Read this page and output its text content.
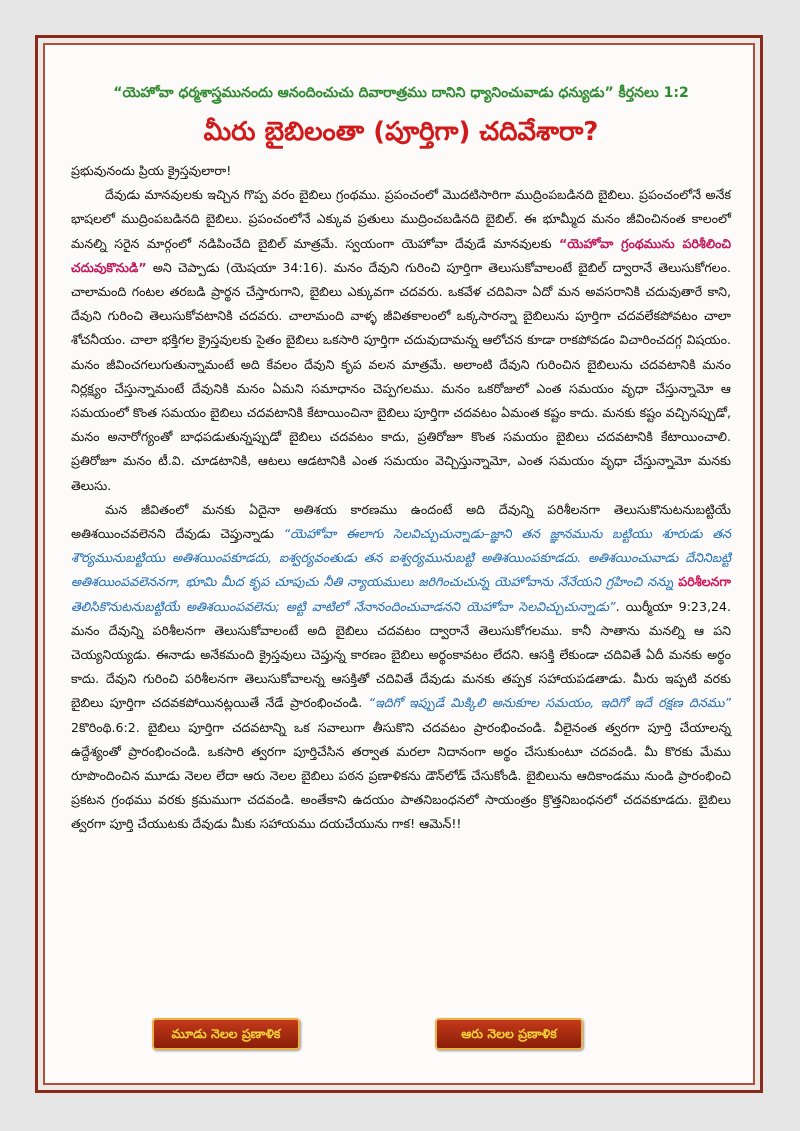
“యెహోవా ధర్మశాస్త్రమునందు ఆనందించుచు దివారాత్రము దానిని ధ్యానించువాడు ధన్యుడు” కీర్తనలు 1:2
మీరు బైబిలంతా (పూర్తిగా) చదివేశారా?

ప్రభువునందు ప్రియ క్రైస్తవులారా!

దేవుడు మానవులకు ఇచ్చిన గొప్ప వరం బైబిలు గ్రంథము. ప్రపంచంలో మొదటిసారిగా ముద్రింపబడినది బైబిలు. ప్రపంచంలోనే అనేక భాషలలో ముద్రింపబడినది బైబిలు. ప్రపంచంలోనే ఎక్కువ ప్రతులు ముద్రించబడినది బైబిల్. ఈ భూమ్మీద మనం జీవించినంత కాలంలో మనల్ని సరైన మార్గంలో నడిపించేది బైబిల్ మాత్రమే. స్వయంగా యెహోవా దేవుడే మానవులకు “యెహోవా గ్రంథమును పరిశీలించి చదువుకొనుడి” అని చెప్పాడు (యెషయా 34:16). మనం దేవుని గురించి పూర్తిగా తెలుసుకోవాలంటే బైబిల్ ద్వారానే తెలుసుకోగలం. చాలామంది గంటల తరబడి ప్రార్థన చేస్తారుగాని, బైబిలు ఎక్కువగా చదవరు. ఒకవేళ చదివినా ఏదో మన అవసరానికి చదువుతారే కాని, దేవుని గురించి తెలుసుకోవటానికి చదవరు. చాలామంది వాళ్ళ జీవితకాలంలో ఒక్కసారన్నా బైబిలును పూర్తిగా చదవలేకపోవటం చాలా శోచనీయం. చాలా భక్తిగల క్రైస్తవులకు సైతం బైబిలు ఒకసారి పూర్తిగా చదువుదామన్న ఆలోచన కూడా రాకపోవడం విచారించదగ్గ విషయం. మనం జీవించగలుగుతున్నామంటే అది కేవలం దేవుని కృప వలన మాత్రమే. అలాంటి దేవుని గురించిన బైబిలును చదవటానికి మనం నిర్లక్ష్యం చేస్తున్నామంటే దేవునికి మనం ఏమని సమాధానం చెప్పగలము. మనం ఒకరోజులో ఎంత సమయం వృధా చేస్తున్నామో ఆ సమయంలో కొంత సమయం బైబిలు చదవటానికి కేటాయించినా బైబిలు పూర్తిగా చదవటం ఏమంత కష్టం కాదు. మనకు కష్టం వచ్చినప్పుడో, మనం అనారోగ్యంతో బాధపడుతున్నప్పుడో బైబిలు చదవటం కాదు, ప్రతిరోజూ కొంత సమయం బైబిలు చదవటానికి కేటాయించాలి. ప్రతిరోజూ మనం టీ.వి. చూడటానికి, ఆటలు ఆడటానికి ఎంత సమయం వెచ్చిస్తున్నామో, ఎంత సమయం వృధా చేస్తున్నామో మనకు తెలుసు.

మన జీవితంలో మనకు ఏదైనా అతిశయ కారణము ఉందంటే అది దేవున్ని పరిశీలనగా తెలుసుకొనుటనుబట్టియే అతిశయించవలెనని దేవుడు చెప్తున్నాడు “యెహోవా ఈలాగు సెలవిచ్చుచున్నాడు–జ్ఞాని తన జ్ఞానమును బట్టియు శూరుడు తన శౌర్యమునుబట్టియు అతిశయింపకూడదు, ఐశ్వర్యవంతుడు తన ఐశ్వర్యమునుబట్టి అతిశయింపకూడదు. అతిశయించువాడు దేనినిబట్టి అతిశయింపవలెననగా, భూమి మీద కృప చూపుచు నీతి న్యాయములు జరిగించుచున్న యెహోవాను నేనేయని గ్రహించి నన్ను పరిశీలనగా తెలిసికొనుటనుబట్టియే అతిశయింపవలెను; అట్టి వాటిలో నేనానందించువాడనని యెహోవా సెలవిచ్చుచున్నాడు”. యిర్మీయా 9:23,24. మనం దేవున్ని పరిశీలనగా తెలుసుకోవాలంటే అది బైబిలు చదవటం ద్వారానే తెలుసుకోగలము. కానీ సాతాను మనల్ని ఆ పని చెయ్యనియ్యడు. ఈనాడు అనేకమంది క్రైస్తవులు చెప్తున్న కారణం బైబిలు అర్థంకావటం లేదని. ఆసక్తి లేకుండా చదివితే ఏదీ మనకు అర్థం కాదు. దేవుని గురించి పరిశీలనగా తెలుసుకోవాలన్న ఆసక్తితో చదివితే దేవుడు మనకు తప్పక సహాయపడతాడు. మీరు ఇప్పటి వరకు బైబిలు పూర్తిగా చదవకపోయినట్లయితే నేడే ప్రారంభించండి. “ఇదిగో ఇప్పుడే మిక్కిలి అనుకూల సమయం, ఇదిగో ఇదే రక్షణ దినము” 2కొరింథి.6:2. బైబిలు పూర్తిగా చదవటాన్ని ఒక సవాలుగా తీసుకొని చదవటం ప్రారంభించండి. వీలైనంత త్వరగా పూర్తి చేయాలన్న ఉద్దేశ్యంతో ప్రారంభించండి. ఒకసారి త్వరగా పూర్తిచేసిన తర్వాత మరలా నిదానంగా అర్థం చేసుకుంటూ చదవండి. మీ కొరకు మేము రూపొందించిన మూడు నెలల లేదా ఆరు నెలల బైబిలు పఠన ప్రణాళికను డౌన్‌లోడ్ చేసుకోండి. బైబిలును ఆదికాండము నుండి ప్రారంభించి ప్రకటన గ్రంథము వరకు క్రమముగా చదవండి. అంతేకాని ఉదయం పాతనిబంధనలో సాయంత్రం క్రొత్తనిబంధనలో చదవకూడదు. బైబిలు త్వరగా పూర్తి చేయుటకు దేవుడు మీకు సహాయము దయచేయును గాక! ఆమెన్!!

మూడు నెలల ప్రణాళిక	ఆరు నెలల ప్రణాళిక
